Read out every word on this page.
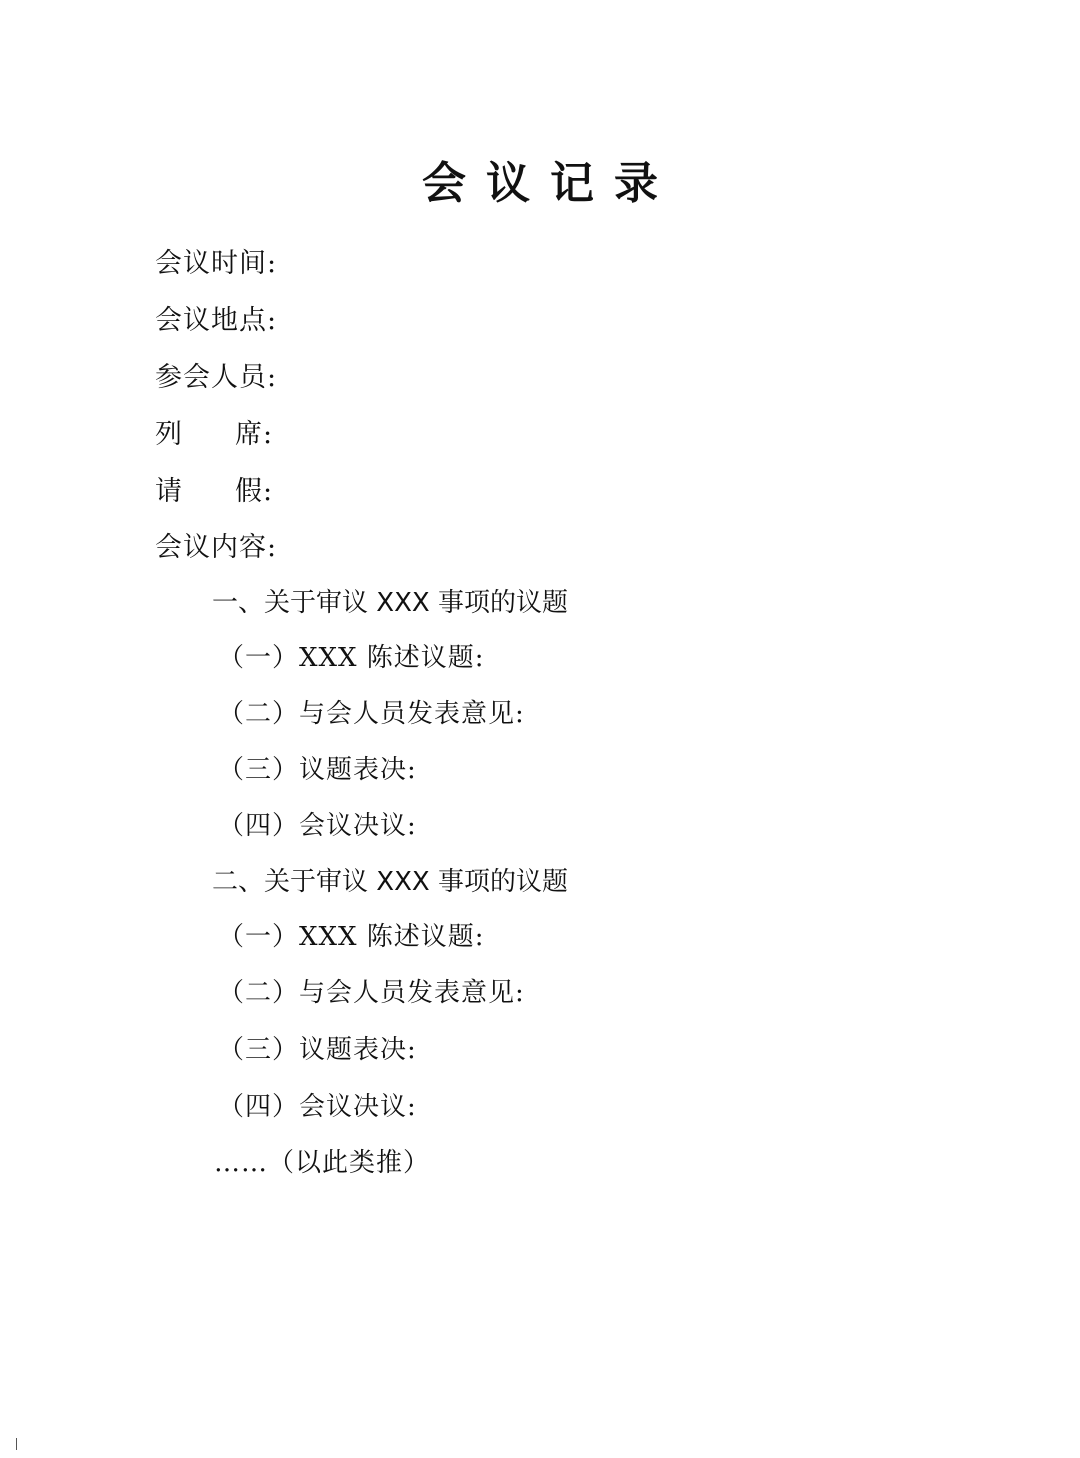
会议记录
会议时间:
会议地点:
参会人员:
列席:
请假:
会议内容:
一、关于审议 XXX 事项的议题
（一）XXX 陈述议题:
（二）与会人员发表意见:
（三）议题表决:
（四）会议决议:
二、关于审议 XXX 事项的议题
（一）XXX 陈述议题:
（二）与会人员发表意见:
（三）议题表决:
（四）会议决议:
……（以此类推）
